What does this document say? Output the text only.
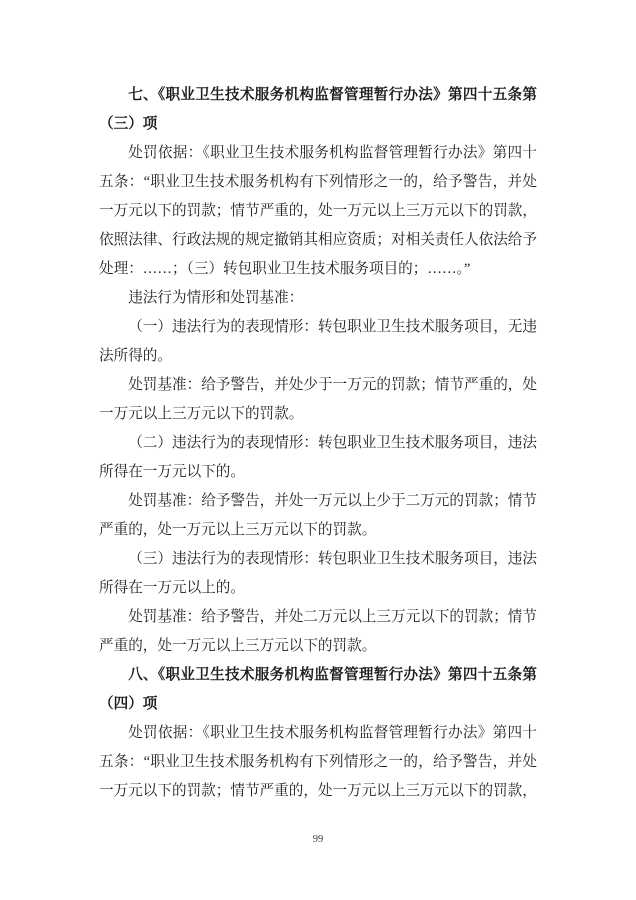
七、《职业卫生技术服务机构监督管理暂行办法》第四十五条第（三）项

处罚依据：《职业卫生技术服务机构监督管理暂行办法》第四十五条：“职业卫生技术服务机构有下列情形之一的，给予警告，并处一万元以下的罚款；情节严重的，处一万元以上三万元以下的罚款，依照法律、行政法规的规定撤销其相应资质；对相关责任人依法给予处理：……；（三）转包职业卫生技术服务项目的；……。”

违法行为情形和处罚基准：

（一）违法行为的表现情形：转包职业卫生技术服务项目，无违法所得的。

处罚基准：给予警告，并处少于一万元的罚款；情节严重的，处一万元以上三万元以下的罚款。

（二）违法行为的表现情形：转包职业卫生技术服务项目，违法所得在一万元以下的。

处罚基准：给予警告，并处一万元以上少于二万元的罚款；情节严重的，处一万元以上三万元以下的罚款。

（三）违法行为的表现情形：转包职业卫生技术服务项目，违法所得在一万元以上的。

处罚基准：给予警告，并处二万元以上三万元以下的罚款；情节严重的，处一万元以上三万元以下的罚款。

八、《职业卫生技术服务机构监督管理暂行办法》第四十五条第（四）项

处罚依据：《职业卫生技术服务机构监督管理暂行办法》第四十五条：“职业卫生技术服务机构有下列情形之一的，给予警告，并处一万元以下的罚款；情节严重的，处一万元以上三万元以下的罚款，

99
